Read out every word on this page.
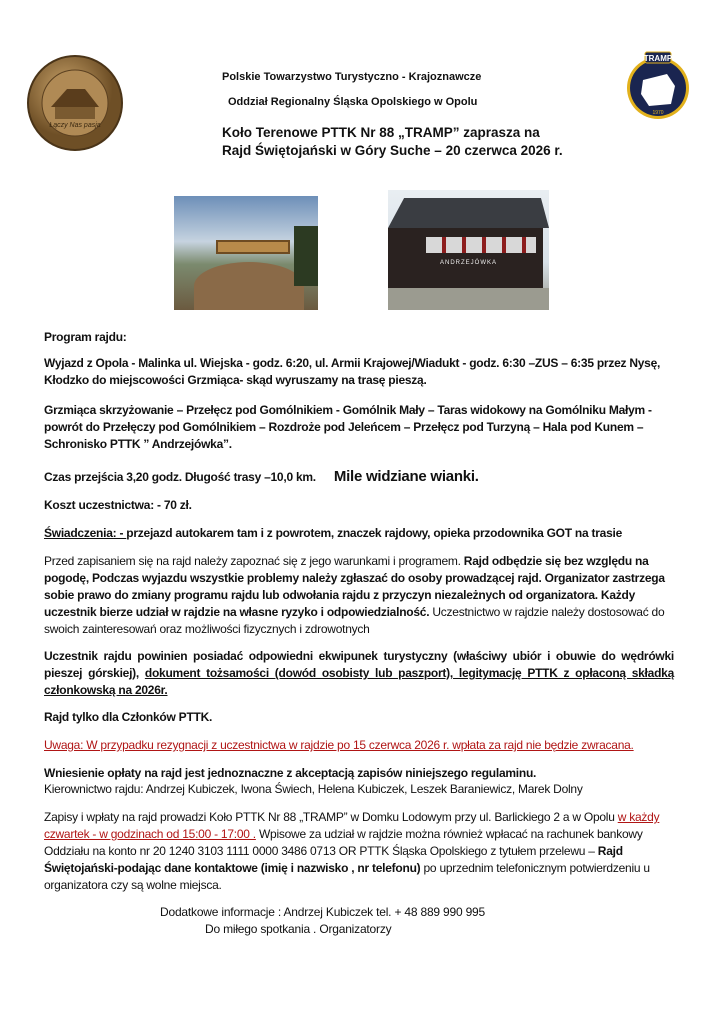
Łączy Nas pasja
TRAMP
1970
Polskie Towarzystwo Turystyczno - Krajoznawcze
Oddział Regionalny Śląska Opolskiego w Opolu
Koło Terenowe PTTK Nr 88 „TRAMP” zaprasza na
Rajd Świętojański w Góry Suche – 20 czerwca 2026 r.
ANDRZEJÓWKA
Program rajdu:
Wyjazd z Opola - Malinka ul. Wiejska - godz. 6:20, ul. Armii Krajowej/Wiadukt - godz. 6:30 –ZUS – 6:35 przez Nysę, Kłodzko do miejscowości Grzmiąca- skąd wyruszamy na trasę pieszą.
Grzmiąca skrzyżowanie – Przełęcz pod Gomólnikiem - Gomólnik Mały – Taras widokowy na Gomólniku Małym - powrót do Przełęczy pod Gomólnikiem – Rozdroże pod Jeleńcem – Przełęcz pod Turzyną – Hala pod Kunem – Schronisko PTTK ” Andrzejówka”.
Czas przejścia 3,20 godz. Długość trasy –10,0 km. Mile widziane wianki.
Koszt uczestnictwa: - 70 zł.
Świadczenia: - przejazd autokarem tam i z powrotem, znaczek rajdowy, opieka przodownika GOT na trasie
Przed zapisaniem się na rajd należy zapoznać się z jego warunkami i programem. Rajd odbędzie się bez względu na pogodę, Podczas wyjazdu wszystkie problemy należy zgłaszać do osoby prowadzącej rajd. Organizator zastrzega sobie prawo do zmiany programu rajdu lub odwołania rajdu z przyczyn niezależnych od organizatora. Każdy uczestnik bierze udział w rajdzie na własne ryzyko i odpowiedzialność. Uczestnictwo w rajdzie należy dostosować do swoich zainteresowań oraz możliwości fizycznych i zdrowotnych
Uczestnik rajdu powinien posiadać odpowiedni ekwipunek turystyczny (właściwy ubiór i obuwie do wędrówki pieszej górskiej), dokument tożsamości (dowód osobisty lub paszport), legitymację PTTK z opłaconą składką członkowską na 2026r.
Rajd tylko dla Członków PTTK.
Uwaga: W przypadku rezygnacji z uczestnictwa w rajdzie po 15 czerwca 2026 r. wpłata za rajd nie będzie zwracana.
Wniesienie opłaty na rajd jest jednoznaczne z akceptacją zapisów niniejszego regulaminu.
Kierownictwo rajdu: Andrzej Kubiczek, Iwona Świech, Helena Kubiczek, Leszek Baraniewicz, Marek Dolny
Zapisy i wpłaty na rajd prowadzi Koło PTTK Nr 88 „TRAMP” w Domku Lodowym przy ul. Barlickiego 2 a w Opolu w każdy czwartek - w godzinach od 15:00 - 17:00 . Wpisowe za udział w rajdzie można również wpłacać na rachunek bankowy Oddziału na konto nr 20 1240 3103 1111 0000 3486 0713 OR PTTK Śląska Opolskiego z tytułem przelewu – Rajd Świętojański-podając dane kontaktowe (imię i nazwisko , nr telefonu) po uprzednim telefonicznym potwierdzeniu u organizatora czy są wolne miejsca.
Dodatkowe informacje : Andrzej Kubiczek tel. + 48 889 990 995
Do miłego spotkania . Organizatorzy
